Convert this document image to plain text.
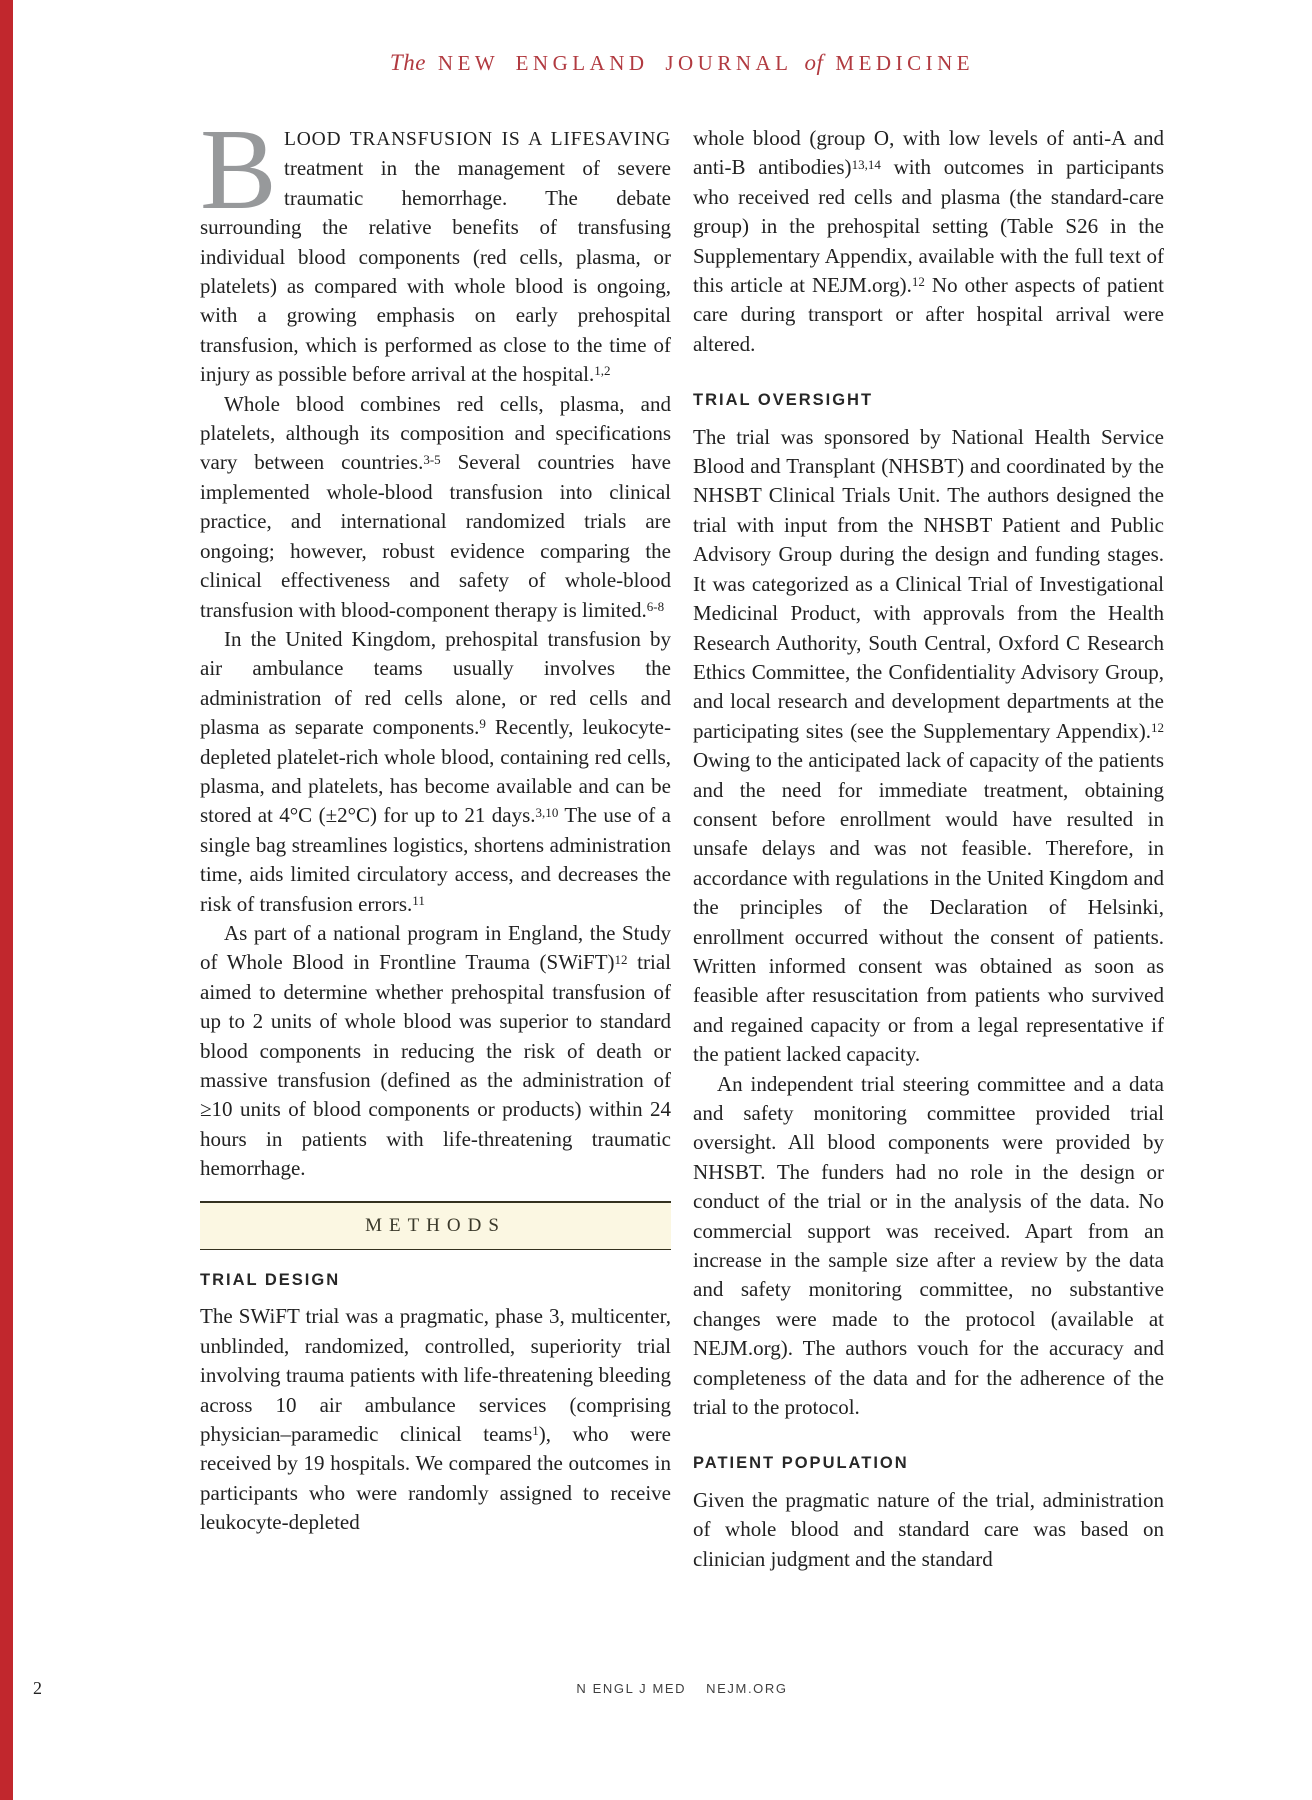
The NEW ENGLAND JOURNAL of MEDICINE

BLOOD TRANSFUSION IS A LIFESAVING treatment in the management of severe traumatic hemorrhage. The debate surrounding the relative benefits of transfusing individual blood components (red cells, plasma, or platelets) as compared with whole blood is ongoing, with a growing emphasis on early prehospital transfusion, which is performed as close to the time of injury as possible before arrival at the hospital.$^{1,2}$

Whole blood combines red cells, plasma, and platelets, although its composition and specifications vary between countries.$^{3-5}$ Several countries have implemented whole-blood transfusion into clinical practice, and international randomized trials are ongoing; however, robust evidence comparing the clinical effectiveness and safety of whole-blood transfusion with blood-component therapy is limited.$^{6-8}$

In the United Kingdom, prehospital transfusion by air ambulance teams usually involves the administration of red cells alone, or red cells and plasma as separate components.$^9$ Recently, leukocyte-depleted platelet-rich whole blood, containing red cells, plasma, and platelets, has become available and can be stored at 4°C (±2°C) for up to 21 days.$^{3,10}$ The use of a single bag streamlines logistics, shortens administration time, aids limited circulatory access, and decreases the risk of transfusion errors.$^{11}$

As part of a national program in England, the Study of Whole Blood in Frontline Trauma (SWiFT)$^{12}$ trial aimed to determine whether prehospital transfusion of up to 2 units of whole blood was superior to standard blood components in reducing the risk of death or massive transfusion (defined as the administration of ≥10 units of blood components or products) within 24 hours in patients with life-threatening traumatic hemorrhage.

METHODS
TRIAL DESIGN

The SWiFT trial was a pragmatic, phase 3, multicenter, unblinded, randomized, controlled, superiority trial involving trauma patients with life-threatening bleeding across 10 air ambulance services (comprising physician–paramedic clinical teams$^1$), who were received by 19 hospitals. We compared the outcomes in participants who were randomly assigned to receive leukocyte-depleted

whole blood (group O, with low levels of anti-A and anti-B antibodies)$^{13,14}$ with outcomes in participants who received red cells and plasma (the standard-care group) in the prehospital setting (Table S26 in the Supplementary Appendix, available with the full text of this article at NEJM.org).$^{12}$ No other aspects of patient care during transport or after hospital arrival were altered.

TRIAL OVERSIGHT

The trial was sponsored by National Health Service Blood and Transplant (NHSBT) and coordinated by the NHSBT Clinical Trials Unit. The authors designed the trial with input from the NHSBT Patient and Public Advisory Group during the design and funding stages. It was categorized as a Clinical Trial of Investigational Medicinal Product, with approvals from the Health Research Authority, South Central, Oxford C Research Ethics Committee, the Confidentiality Advisory Group, and local research and development departments at the participating sites (see the Supplementary Appendix).$^{12}$ Owing to the anticipated lack of capacity of the patients and the need for immediate treatment, obtaining consent before enrollment would have resulted in unsafe delays and was not feasible. Therefore, in accordance with regulations in the United Kingdom and the principles of the Declaration of Helsinki, enrollment occurred without the consent of patients. Written informed consent was obtained as soon as feasible after resuscitation from patients who survived and regained capacity or from a legal representative if the patient lacked capacity.

An independent trial steering committee and a data and safety monitoring committee provided trial oversight. All blood components were provided by NHSBT. The funders had no role in the design or conduct of the trial or in the analysis of the data. No commercial support was received. Apart from an increase in the sample size after a review by the data and safety monitoring committee, no substantive changes were made to the protocol (available at NEJM.org). The authors vouch for the accuracy and completeness of the data and for the adherence of the trial to the protocol.

PATIENT POPULATION

Given the pragmatic nature of the trial, administration of whole blood and standard care was based on clinician judgment and the standard

2	N ENGL J MED NEJM.ORG
